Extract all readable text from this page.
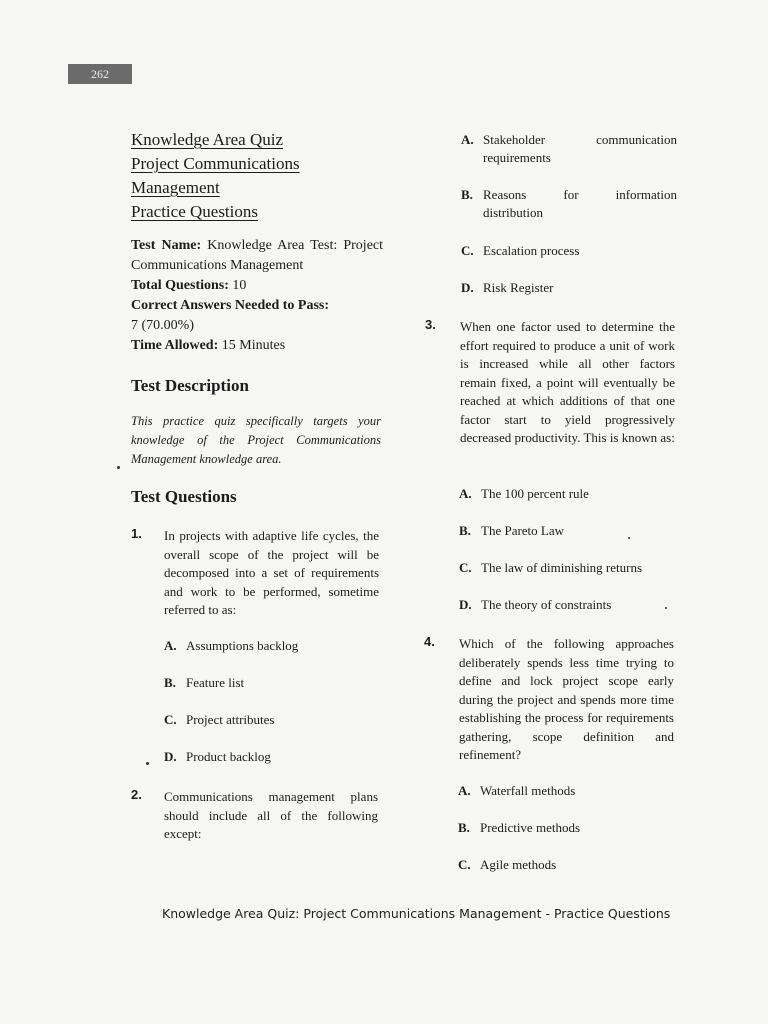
262
Knowledge Area Quiz
Project Communications
Management
Practice Questions
Test Name: Knowledge Area Test: Project Communications Management
Total Questions: 10
Correct Answers Needed to Pass:
7 (70.00%)
Time Allowed: 15 Minutes
Test Description
This practice quiz specifically targets your knowledge of the Project Communications Management knowledge area.
Test Questions
1. In projects with adaptive life cycles, the overall scope of the project will be decomposed into a set of requirements and work to be performed, sometime referred to as:
A. Assumptions backlog
B. Feature list
C. Project attributes
D. Product backlog
2. Communications management plans should include all of the following except:
A. Stakeholder communication
requirements
B. Reasons for information
distribution
C. Escalation process
D. Risk Register
3. When one factor used to determine the effort required to produce a unit of work is increased while all other factors remain fixed, a point will eventually be reached at which additions of that one factor start to yield progressively decreased productivity. This is known as:
A. The 100 percent rule
B. The Pareto Law
C. The law of diminishing returns
D. The theory of constraints
4. Which of the following approaches deliberately spends less time trying to define and lock project scope early during the project and spends more time establishing the process for requirements gathering, scope definition and refinement?
A. Waterfall methods
B. Predictive methods
C. Agile methods
Knowledge Area Quiz: Project Communications Management - Practice Questions
